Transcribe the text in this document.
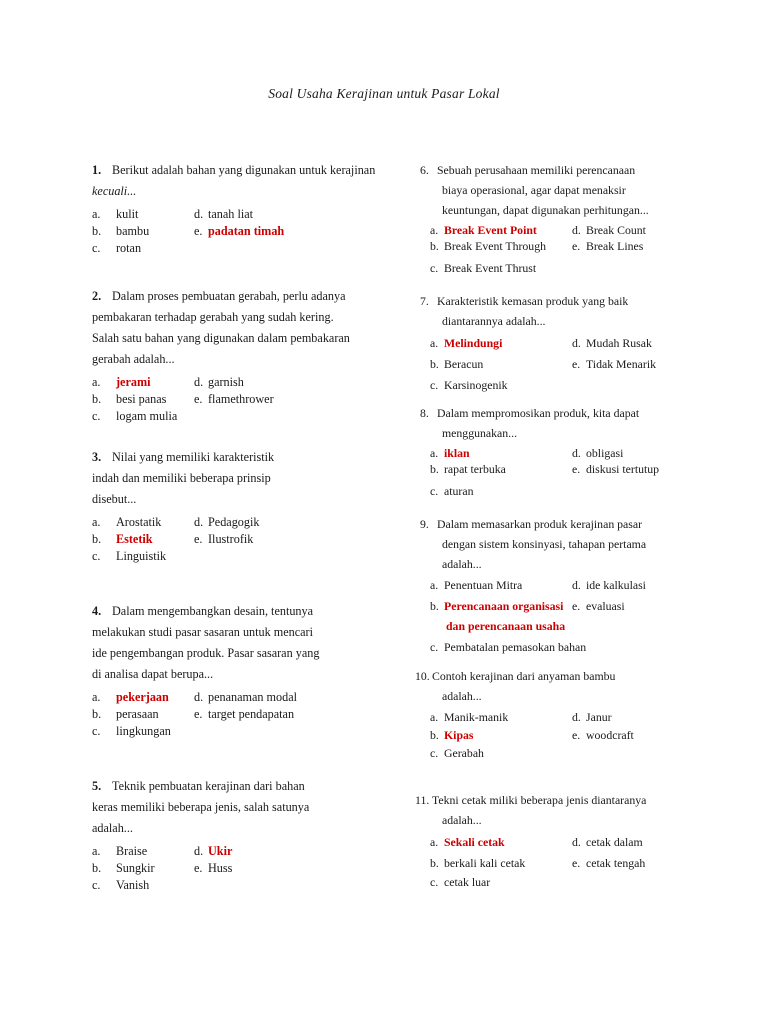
Soal Usaha Kerajinan untuk Pasar Lokal
1. Berikut adalah bahan yang digunakan untuk kerajinan
kecuali...
a. kulit	d. tanah liat
b. bambu	e. padatan timah
c. rotan
2. Dalam proses pembuatan gerabah, perlu adanya
pembakaran terhadap gerabah yang sudah kering.
Salah satu bahan yang digunakan dalam pembakaran
gerabah adalah...
a. jerami	d. garnish
b. besi panas e. flamethrower
c. logam mulia
3. Nilai yang memiliki karakteristik
indah dan memiliki beberapa prinsip
disebut...
a. Arostatik	d. Pedagogik
b. Estetik	e. Ilustrofik
c. Linguistik
4. Dalam mengembangkan desain, tentunya
melakukan studi pasar sasaran untuk mencari
ide pengembangan produk. Pasar sasaran yang
di analisa dapat berupa...
a. pekerjaan d. penanaman modal
b. perasaan	e. target pendapatan
c. lingkungan
5. Teknik pembuatan kerajinan dari bahan
keras memiliki beberapa jenis, salah satunya
adalah...
a. Braise	d. Ukir
b. Sungkir	e. Huss
c. Vanish
6. Sebuah perusahaan memiliki perencanaan
biaya operasional, agar dapat menaksir
keuntungan, dapat digunakan perhitungan...
a. Break Event Point	d. Break Count
b. Break Event Through e. Break Lines
c. Break Event Thrust
7. Karakteristik kemasan produk yang baik
diantarannya adalah...
a. Melindungi	d. Mudah Rusak
b. Beracun	e. Tidak Menarik
c. Karsinogenik
8. Dalam mempromosikan produk, kita dapat
menggunakan...
a. iklan	d. obligasi
b. rapat terbuka	e. diskusi tertutup
c. aturan
9. Dalam memasarkan produk kerajinan pasar
dengan sistem konsinyasi, tahapan pertama
adalah...
a. Penentuan Mitra	d. ide kalkulasi
b. Perencanaan organisasi e. evaluasi
dan perencanaan usaha
c. Pembatalan pemasokan bahan
10. Contoh kerajinan dari anyaman bambu
adalah...
a. Manik-manik	d. Janur
b. Kipas	e. woodcraft
c. Gerabah
11. Tekni cetak miliki beberapa jenis diantaranya
adalah...
a. Sekali cetak	d. cetak dalam
b. berkali kali cetak	e. cetak tengah
c. cetak luar
